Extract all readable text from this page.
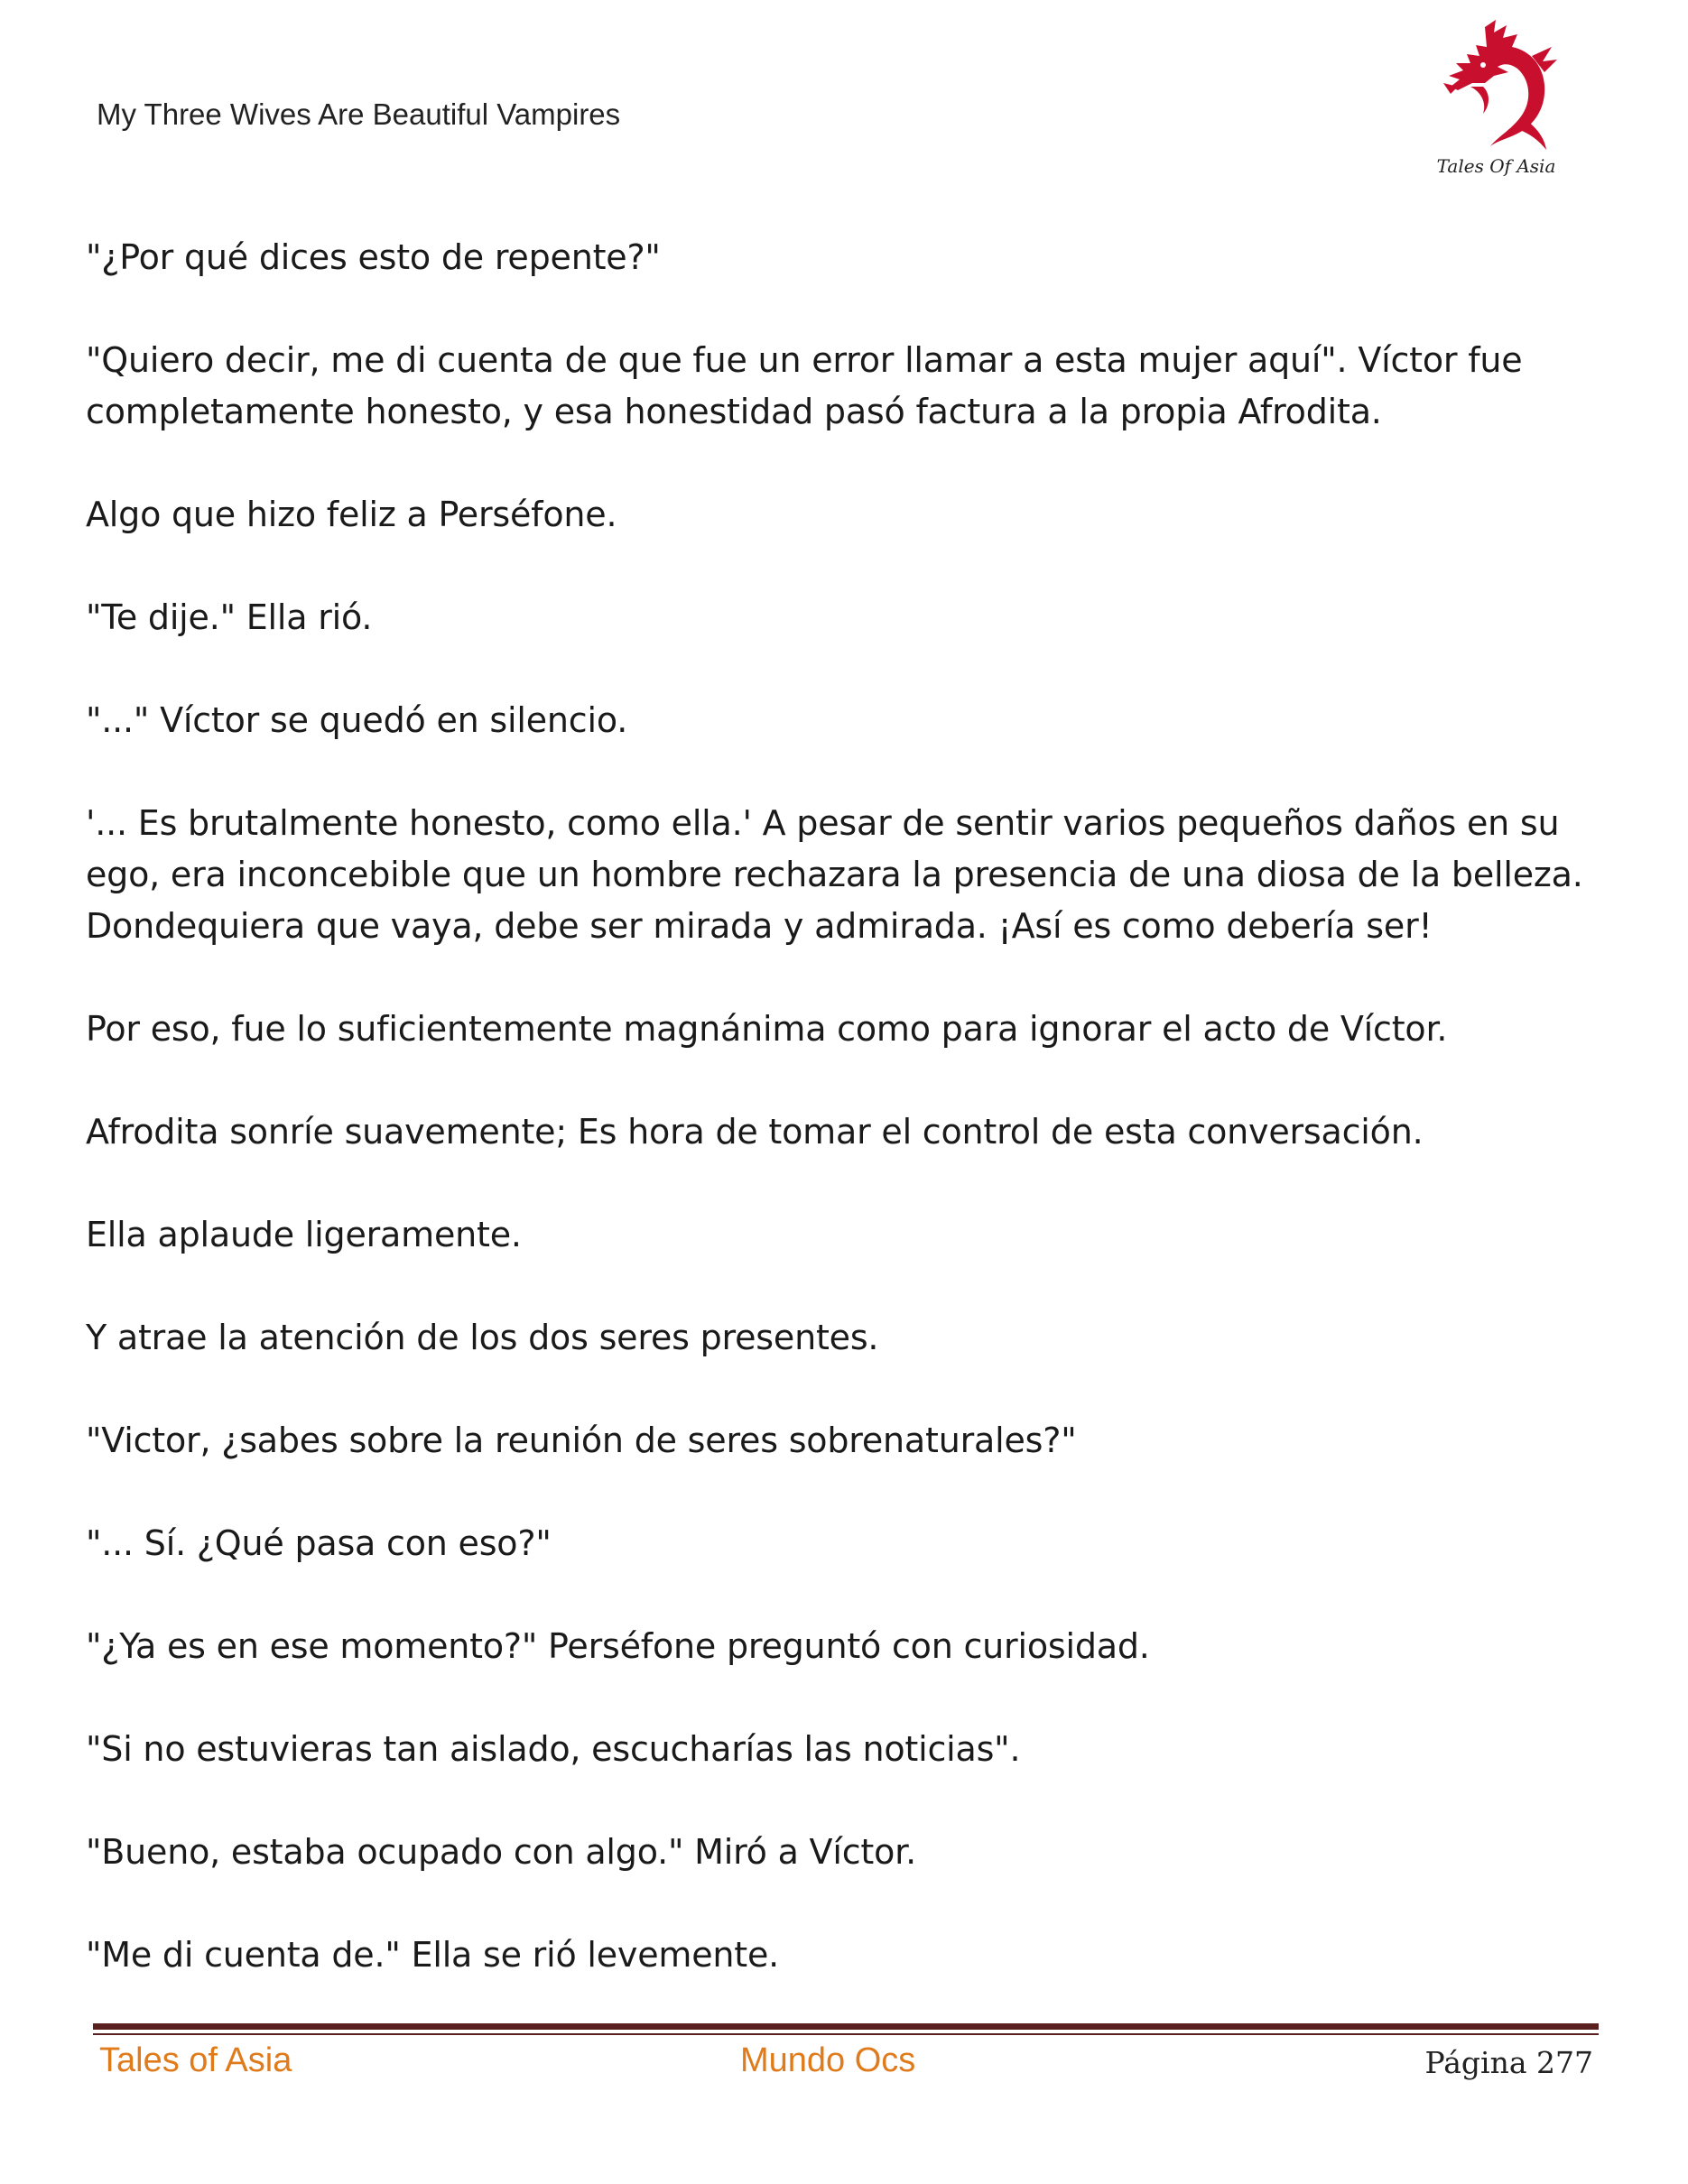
My Three Wives Are Beautiful Vampires
Tales Of Asia

"¿Por qué dices esto de repente?"

"Quiero decir, me di cuenta de que fue un error llamar a esta mujer aquí". Víctor fue completamente honesto, y esa honestidad pasó factura a la propia Afrodita.

Algo que hizo feliz a Perséfone.

"Te dije." Ella rió.

"..." Víctor se quedó en silencio.

'... Es brutalmente honesto, como ella.' A pesar de sentir varios pequeños daños en su ego, era inconcebible que un hombre rechazara la presencia de una diosa de la belleza. Dondequiera que vaya, debe ser mirada y admirada. ¡Así es como debería ser!

Por eso, fue lo suficientemente magnánima como para ignorar el acto de Víctor.

Afrodita sonríe suavemente; Es hora de tomar el control de esta conversación.

Ella aplaude ligeramente.

Y atrae la atención de los dos seres presentes.

"Victor, ¿sabes sobre la reunión de seres sobrenaturales?"

"... Sí. ¿Qué pasa con eso?"

"¿Ya es en ese momento?" Perséfone preguntó con curiosidad.

"Si no estuvieras tan aislado, escucharías las noticias".

"Bueno, estaba ocupado con algo." Miró a Víctor.

"Me di cuenta de." Ella se rió levemente.

Tales of Asia	Mundo Ocs	Página 277
